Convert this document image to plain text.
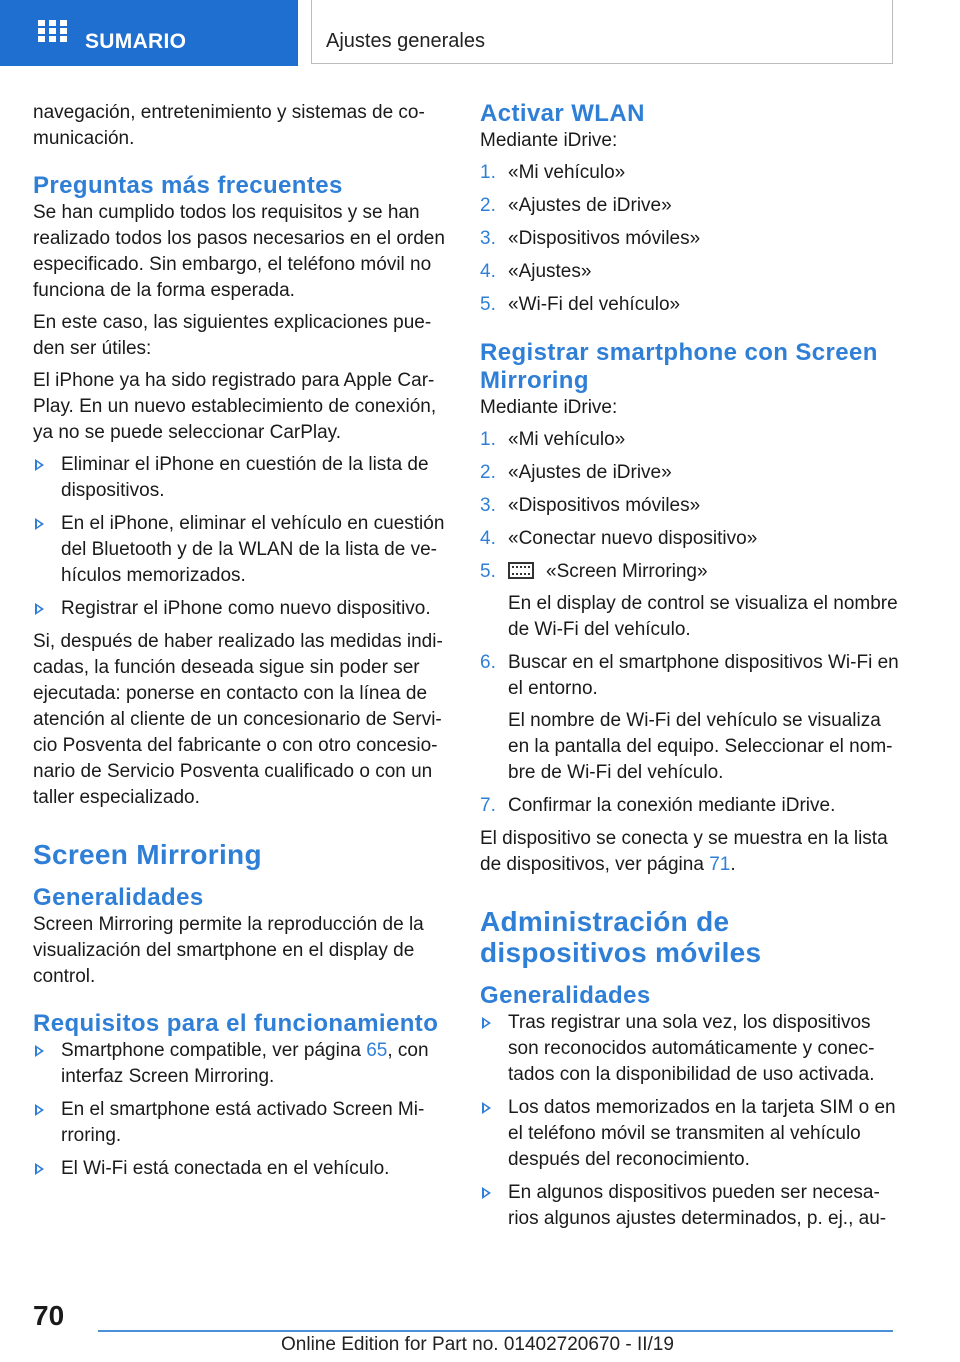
SUMARIO	Ajustes generales

navegación, entretenimiento y sistemas de co-municación.

Preguntas más frecuentes

Se han cumplido todos los requisitos y se han realizado todos los pasos necesarios en el orden especificado. Sin embargo, el teléfono móvil no funciona de la forma esperada.

En este caso, las siguientes explicaciones pue-den ser útiles:

El iPhone ya ha sido registrado para Apple Car-Play. En un nuevo establecimiento de conexión, ya no se puede seleccionar CarPlay.

Eliminar el iPhone en cuestión de la lista de dispositivos.
En el iPhone, eliminar el vehículo en cuestión del Bluetooth y de la WLAN de la lista de ve-hículos memorizados.
Registrar el iPhone como nuevo dispositivo.

Si, después de haber realizado las medidas indi-cadas, la función deseada sigue sin poder ser ejecutada: ponerse en contacto con la línea de atención al cliente de un concesionario de Servi-cio Posventa del fabricante o con otro concesio-nario de Servicio Posventa cualificado o con un taller especializado.

Screen Mirroring

Generalidades

Screen Mirroring permite la reproducción de la visualización del smartphone en el display de control.

Requisitos para el funcionamiento

Smartphone compatible, ver página 65, con interfaz Screen Mirroring.
En el smartphone está activado Screen Mi-rroring.
El Wi-Fi está conectada en el vehículo.

Activar WLAN

Mediante iDrive:

1. «Mi vehículo»
2. «Ajustes de iDrive»
3. «Dispositivos móviles»
4. «Ajustes»
5. «Wi-Fi del vehículo»

Registrar smartphone con Screen Mirroring

Mediante iDrive:

1. «Mi vehículo»
2. «Ajustes de iDrive»
3. «Dispositivos móviles»
4. «Conectar nuevo dispositivo»
5.	«Screen Mirroring»

En el display de control se visualiza el nombre de Wi-Fi del vehículo.

6. Buscar en el smartphone dispositivos Wi-Fi en el entorno.

El nombre de Wi-Fi del vehículo se visualiza en la pantalla del equipo. Seleccionar el nom-bre de Wi-Fi del vehículo.

7. Confirmar la conexión mediante iDrive.

El dispositivo se conecta y se muestra en la lista de dispositivos, ver página 71.

Administración de dispositivos móviles

Generalidades

Tras registrar una sola vez, los dispositivos son reconocidos automáticamente y conec-tados con la disponibilidad de uso activada.
Los datos memorizados en la tarjeta SIM o en el teléfono móvil se transmiten al vehículo después del reconocimiento.
En algunos dispositivos pueden ser necesa-rios algunos ajustes determinados, p. ej., au-
70
Online Edition for Part no. 01402720670 - II/19
